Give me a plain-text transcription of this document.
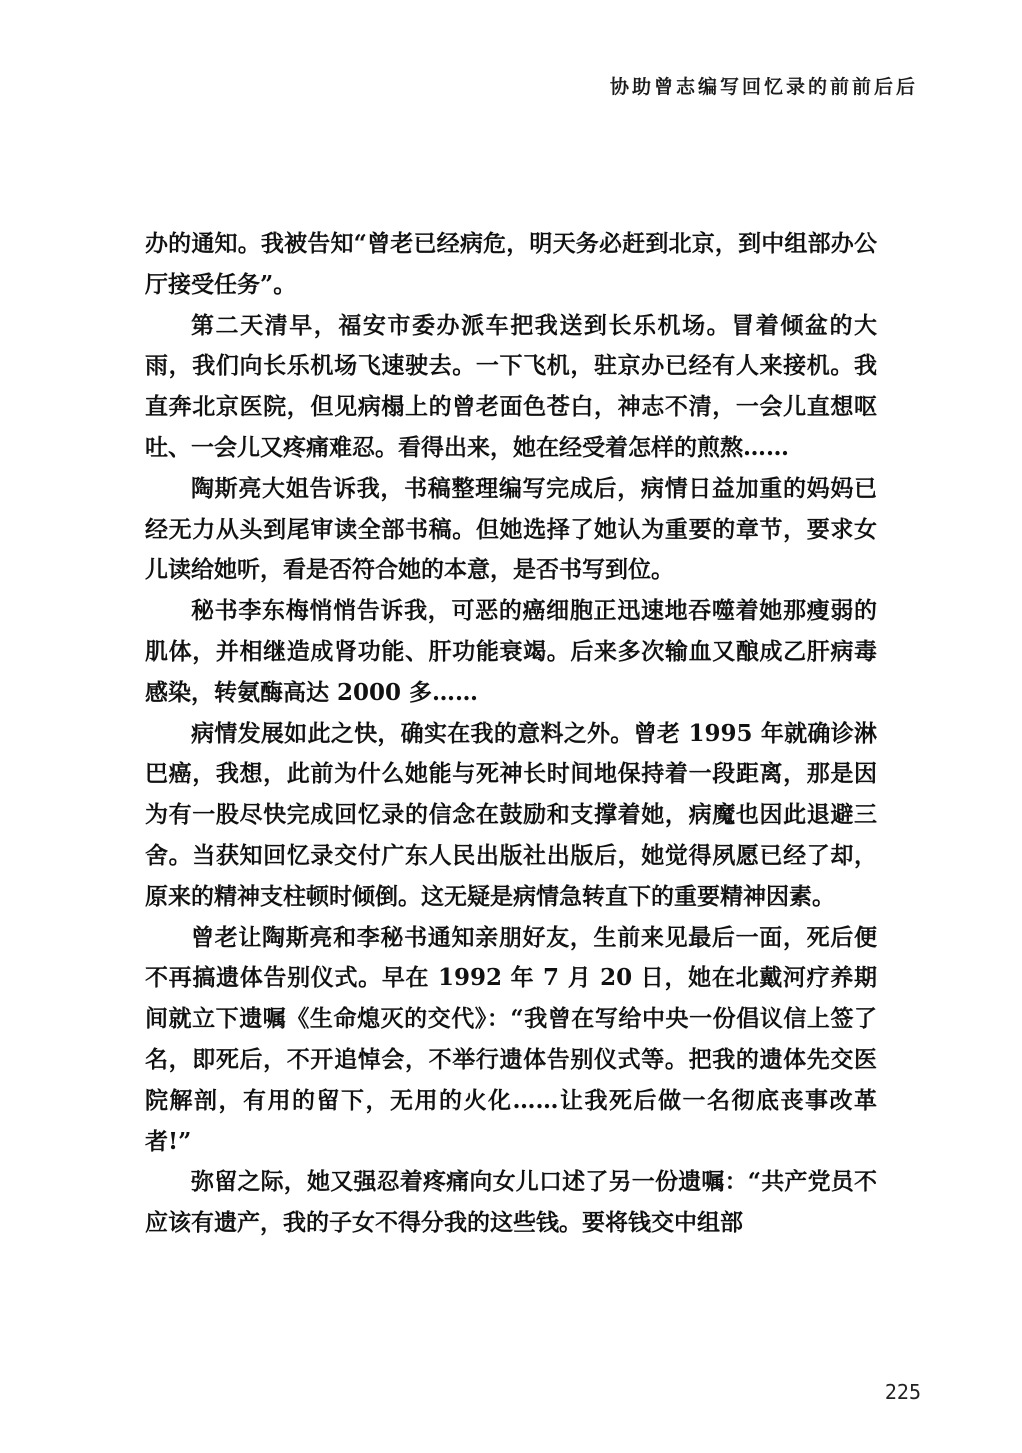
协助曾志编写回忆录的前前后后

办的通知。我被告知“曾老已经病危，明天务必赶到北京，到中组部办公厅接受任务”。

第二天清早，福安市委办派车把我送到长乐机场。冒着倾盆的大雨，我们向长乐机场飞速驶去。一下飞机，驻京办已经有人来接机。我直奔北京医院，但见病榻上的曾老面色苍白，神志不清，一会儿直想呕吐、一会儿又疼痛难忍。看得出来，她在经受着怎样的煎熬……

陶斯亮大姐告诉我，书稿整理编写完成后，病情日益加重的妈妈已经无力从头到尾审读全部书稿。但她选择了她认为重要的章节，要求女儿读给她听，看是否符合她的本意，是否书写到位。

秘书李东梅悄悄告诉我，可恶的癌细胞正迅速地吞噬着她那瘦弱的肌体，并相继造成肾功能、肝功能衰竭。后来多次输血又酿成乙肝病毒感染，转氨酶高达 2000 多……

病情发展如此之快，确实在我的意料之外。曾老 1995 年就确诊淋巴癌，我想，此前为什么她能与死神长时间地保持着一段距离，那是因为有一股尽快完成回忆录的信念在鼓励和支撑着她，病魔也因此退避三舍。当获知回忆录交付广东人民出版社出版后，她觉得夙愿已经了却，原来的精神支柱顿时倾倒。这无疑是病情急转直下的重要精神因素。

曾老让陶斯亮和李秘书通知亲朋好友，生前来见最后一面，死后便不再搞遗体告别仪式。早在 1992 年 7 月 20 日，她在北戴河疗养期间就立下遗嘱《生命熄灭的交代》：“我曾在写给中央一份倡议信上签了名，即死后，不开追悼会，不举行遗体告别仪式等。把我的遗体先交医院解剖，有用的留下，无用的火化……让我死后做一名彻底丧事改革者!”

弥留之际，她又强忍着疼痛向女儿口述了另一份遗嘱：“共产党员不应该有遗产，我的子女不得分我的这些钱。要将钱交中组部

225
